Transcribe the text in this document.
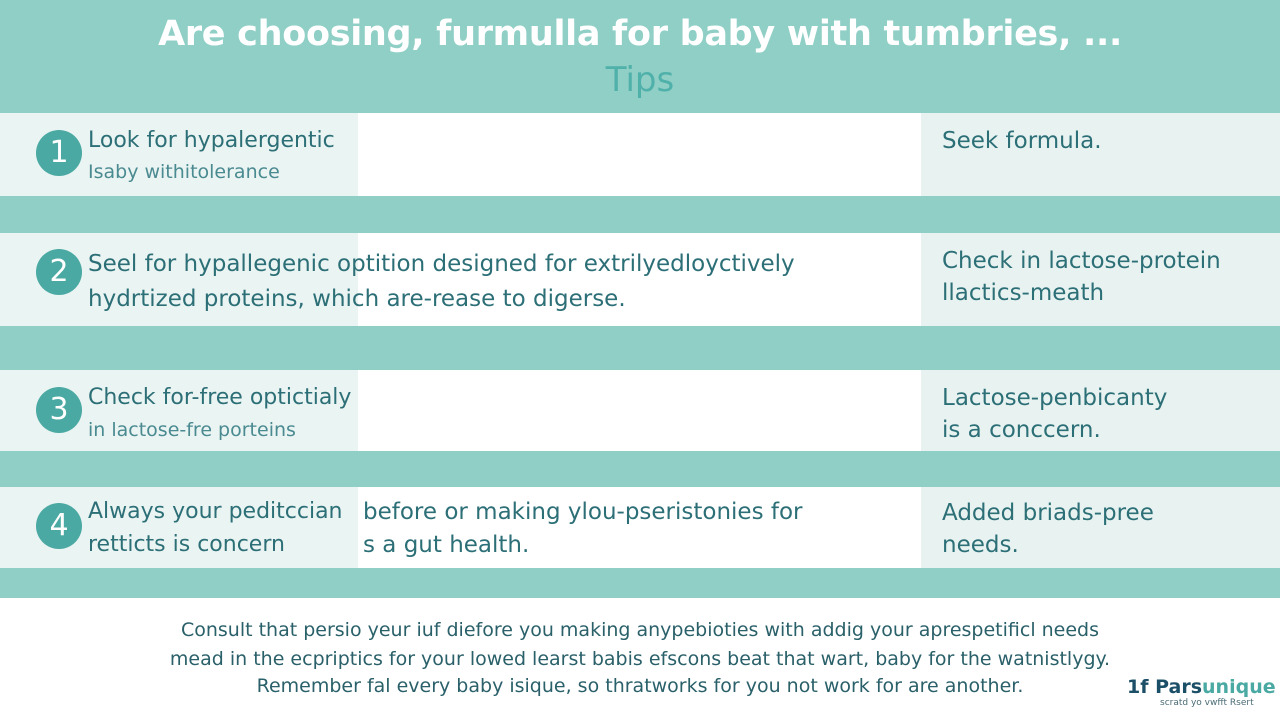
Are choosing, furmulla for baby with tumbries, ...
Tips
1 Look for hypalergentic
Isaby withitolerance
Seek formula.
2 Seel for hypallegenic optition designed for extrilyedloyctively
hydrtized proteins, which are-rease to digerse.
Check in lactose-protein
llactics-meath
3 Check for-free optictialy
in lactose-fre porteins
Lactose-penbicanty
is a conccern.
4 Always your peditccian
retticts is concern
before or making ylou-pseristonies for
s a gut health.
Added briads-pree
needs.
Consult that persio yeur iuf diefore you making anypebioties with addig your aprespetificl needs
mead in the ecpriptics for your lowed learst babis efscons beat that wart, baby for the watnistlygy.
Remember fal every baby isique, so thratworks for you not work for are another.	1f Parsunique
scratd yo vwfft Rsert
